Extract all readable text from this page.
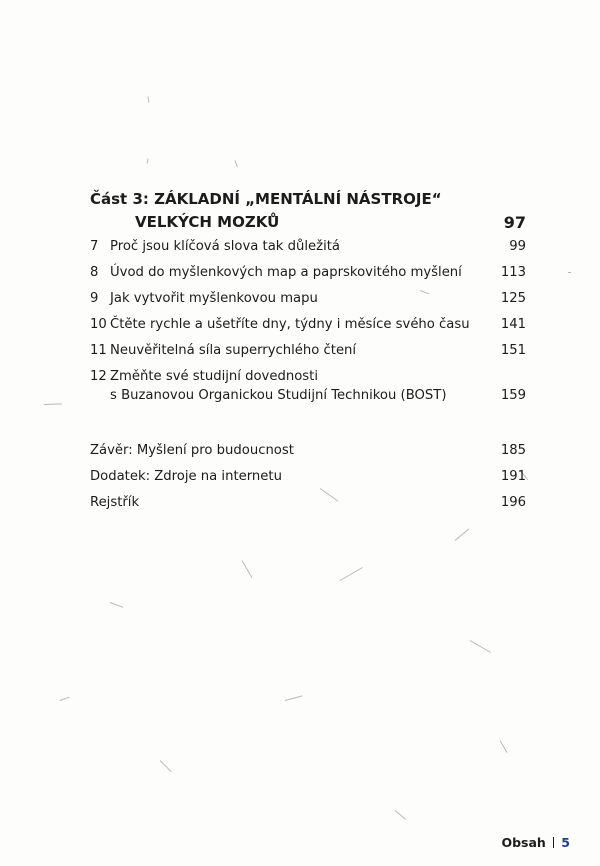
Část 3: ZÁKLADNÍ „MENTÁLNÍ NÁSTROJE“
VELKÝCH MOZKŮ	97
7 Proč jsou klíčová slova tak důležitá	99
8 Úvod do myšlenkových map a paprskovitého myšlení	113
9 Jak vytvořit myšlenkovou mapu	125
10 Čtěte rychle a ušetříte dny, týdny i měsíce svého času 141
11 Neuvěřitelná síla superrychlého čtení	151
12 Změňte své studijní dovednosti
s Buzanovou Organickou Studijní Technikou (BOST)	159
Závěr: Myšlení pro budoucnost	185
Dodatek: Zdroje na internetu	191
Rejstřík	196
Obsah 5
